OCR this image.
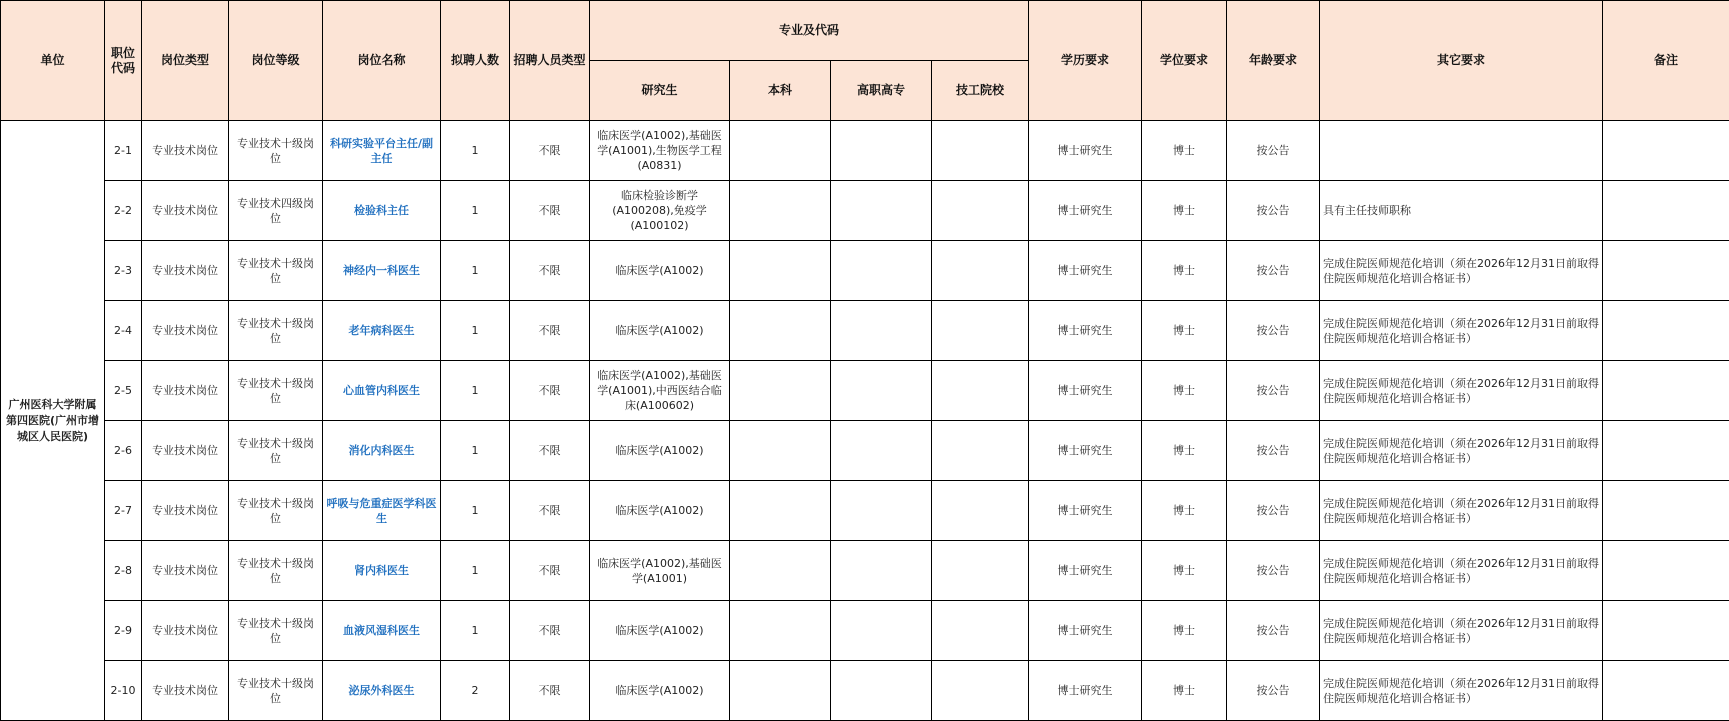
单位	职位代码	岗位类型	岗位等级	岗位名称	拟聘人数	招聘人员类型	专业及代码				学历要求	学位要求	年龄要求	其它要求	备注
							研究生	本科	高职高专	技工院校					
广州医科大学附属第四医院(广州市增城区人民医院)	2-1	专业技术岗位	专业技术十级岗位	科研实验平台主任/副主任	1	不限	临床医学(A1002),基础医学(A1001),生物医学工程(A0831)				博士研究生	博士	按公告		
	2-2	专业技术岗位	专业技术四级岗位	检验科主任	1	不限	临床检验诊断学(A100208),免疫学(A100102)				博士研究生	博士	按公告	具有主任技师职称	
	2-3	专业技术岗位	专业技术十级岗位	神经内一科医生	1	不限	临床医学(A1002)				博士研究生	博士	按公告	完成住院医师规范化培训（须在2026年12月31日前取得住院医师规范化培训合格证书）	
	2-4	专业技术岗位	专业技术十级岗位	老年病科医生	1	不限	临床医学(A1002)				博士研究生	博士	按公告	完成住院医师规范化培训（须在2026年12月31日前取得住院医师规范化培训合格证书）	
	2-5	专业技术岗位	专业技术十级岗位	心血管内科医生	1	不限	临床医学(A1002),基础医学(A1001),中西医结合临床(A100602)				博士研究生	博士	按公告	完成住院医师规范化培训（须在2026年12月31日前取得住院医师规范化培训合格证书）	
	2-6	专业技术岗位	专业技术十级岗位	消化内科医生	1	不限	临床医学(A1002)				博士研究生	博士	按公告	完成住院医师规范化培训（须在2026年12月31日前取得住院医师规范化培训合格证书）	
	2-7	专业技术岗位	专业技术十级岗位	呼吸与危重症医学科医生	1	不限	临床医学(A1002)				博士研究生	博士	按公告	完成住院医师规范化培训（须在2026年12月31日前取得住院医师规范化培训合格证书）	
	2-8	专业技术岗位	专业技术十级岗位	肾内科医生	1	不限	临床医学(A1002),基础医学(A1001)				博士研究生	博士	按公告	完成住院医师规范化培训（须在2026年12月31日前取得住院医师规范化培训合格证书）	
	2-9	专业技术岗位	专业技术十级岗位	血液风湿科医生	1	不限	临床医学(A1002)				博士研究生	博士	按公告	完成住院医师规范化培训（须在2026年12月31日前取得住院医师规范化培训合格证书）	
	2-10	专业技术岗位	专业技术十级岗位	泌尿外科医生	2	不限	临床医学(A1002)				博士研究生	博士	按公告	完成住院医师规范化培训（须在2026年12月31日前取得住院医师规范化培训合格证书）	
